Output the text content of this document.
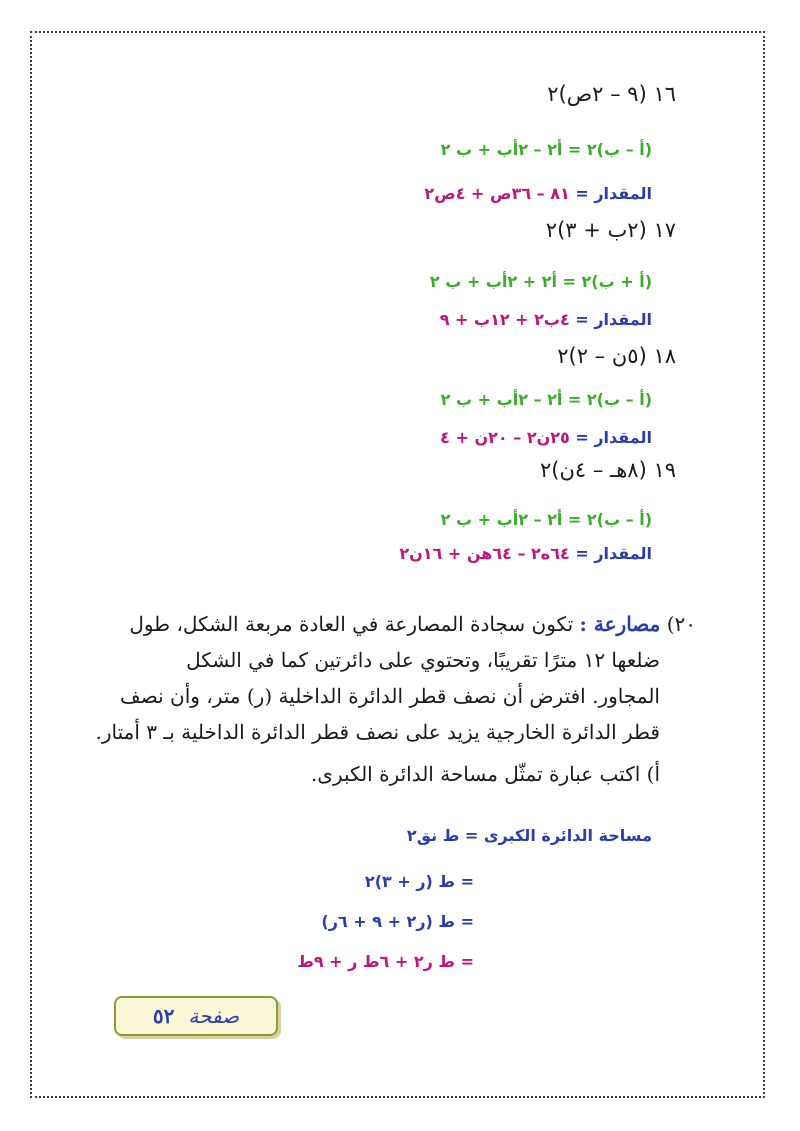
١٦ (٩ – ٢ص)٢
(أ – ب)٢ = أ٢ – ٢أب + ب ٢
المقدار = ٨١ – ٣٦ص + ٤ص٢
١٧ (٢ب + ٣)٢
(أ + ب)٢ = أ٢ + ٢أب + ب ٢
المقدار = ٤ب٢ + ١٢ب + ٩
١٨ (٥ن – ٢)٢
(أ – ب)٢ = أ٢ – ٢أب + ب ٢
المقدار = ٢٥ن٢ – ٢٠ن + ٤
١٩ (٨هـ – ٤ن)٢
(أ – ب)٢ = أ٢ – ٢أب + ب ٢
المقدار = ٦٤ه٢ – ٦٤هن + ١٦ن٢
٢٠) مصارعة : تكون سجادة المصارعة في العادة مربعة الشكل، طول
ضلعها ١٢ مترًا تقريبًا، وتحتوي على دائرتين كما في الشكل
المجاور. افترض أن نصف قطر الدائرة الداخلية (ر) متر، وأن نصف
قطر الدائرة الخارجية يزيد على نصف قطر الدائرة الداخلية بـ ٣ أمتار.
أ) اكتب عبارة تمثّل مساحة الدائرة الكبرى.
مساحة الدائرة الكبرى = ط نق٢
= ط (ر + ٣)٢
= ط (ر٢ + ٩ + ٦ر)
= ط ر٢ + ٦ط ر + ٩ط
صفحة
٥٢
